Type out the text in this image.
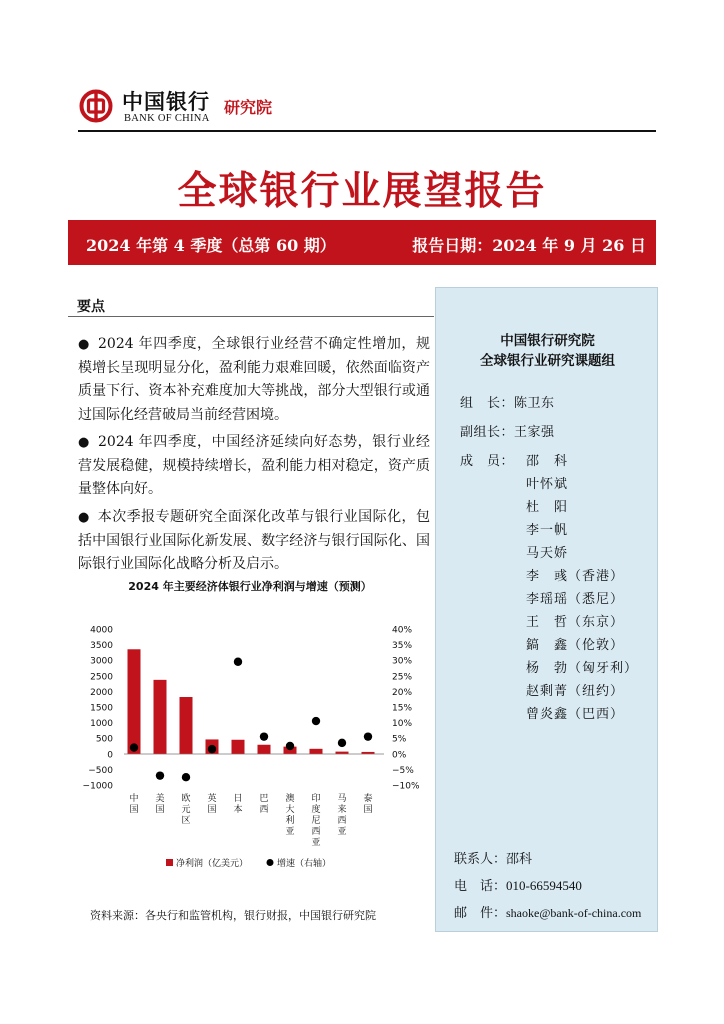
中国银行
BANK OF CHINA
研究院
全球银行业展望报告
2024 年第 4 季度（总第 60 期）	报告日期：2024 年 9 月 26 日
要点
● 2024 年四季度，全球银行业经营不确定性增加，规模增长呈现明显分化，盈利能力艰难回暖，依然面临资产质量下行、资本补充难度加大等挑战，部分大型银行或通过国际化经营破局当前经营困境。
● 2024 年四季度，中国经济延续向好态势，银行业经营发展稳健，规模持续增长，盈利能力相对稳定，资产质量整体向好。
● 本次季报专题研究全面深化改革与银行业国际化，包括中国银行业国际化新发展、数字经济与银行国际化、国际银行业国际化战略分析及启示。
2024 年主要经济体银行业净利润与增速（预测）
4000
3500
3000
2500
2000
1500
1000
500
0
−500
−1000
40%
35%
30%
25%
20%
15%
10%
5%
0%
−5%
−10%
中
国
美
国
欧
元
区
英
国
日
本
巴
西
澳
大
利
亚
印
度
尼
西
亚
马
来
西
亚
泰
国
净利润（亿美元）	增速（右轴）
资料来源：各央行和监管机构，银行财报，中国银行研究院
中国银行研究院
全球银行业研究课题组
组　长：陈卫东
副组长：王家强
成　员： 邵　科
叶怀斌
杜　阳
李一帆
马天娇
李　彧（香港）
李瑶瑶（悉尼）
王　哲（东京）
鎬　鑫（伦敦）
杨　勃（匈牙利）
赵剩菁（纽约）
曾炎鑫（巴西）
联系人：邵科
电　话：010-66594540
邮　件：shaoke@bank-of-china.com
